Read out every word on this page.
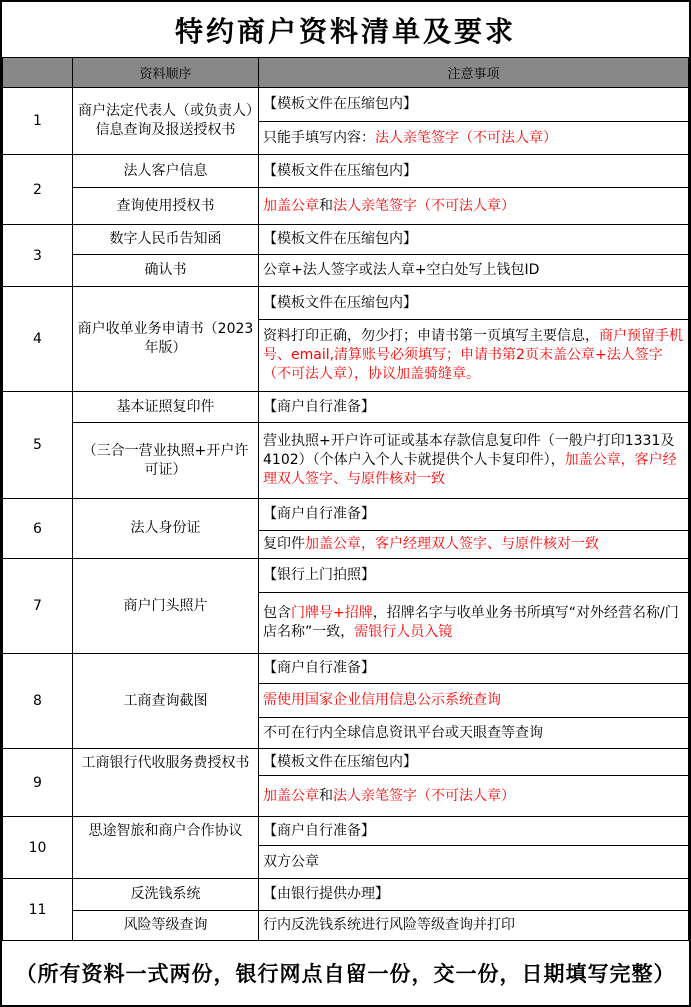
特约商户资料清单及要求
	资料顺序	注意事项
1	商户法定代表人（或负责人）信息查询及报送授权书	【模板文件在压缩包内】
		只能手填写内容：法人亲笔签字（不可法人章）
2	法人客户信息	【模板文件在压缩包内】
	查询使用授权书	加盖公章和法人亲笔签字（不可法人章）
3	数字人民币告知函	【模板文件在压缩包内】
	确认书	公章+法人签字或法人章+空白处写上钱包ID
4	商户收单业务申请书（2023年版）	【模板文件在压缩包内】
		资料打印正确，勿少打；申请书第一页填写主要信息，商户预留手机号、email,清算账号必须填写；申请书第2页末盖公章+法人签字（不可法人章），协议加盖骑缝章。
5	基本证照复印件	【商户自行准备】
	（三合一营业执照+开户许可证）	营业执照+开户许可证或基本存款信息复印件（一般户打印1331及4102）（个体户入个人卡就提供个人卡复印件），加盖公章，客户经理双人签字、与原件核对一致
6	法人身份证	【商户自行准备】
		复印件加盖公章，客户经理双人签字、与原件核对一致
7	商户门头照片	【银行上门拍照】
		包含门牌号+招牌，招牌名字与收单业务书所填写“对外经营名称/门店名称”一致，需银行人员入镜
8	工商查询截图	【商户自行准备】
		需使用国家企业信用信息公示系统查询
		不可在行内全球信息资讯平台或天眼查等查询
9	工商银行代收服务费授权书	【模板文件在压缩包内】
		加盖公章和法人亲笔签字（不可法人章）
10	思途智旅和商户合作协议	【商户自行准备】
		双方公章
11	反洗钱系统	【由银行提供办理】
	风险等级查询	行内反洗钱系统进行风险等级查询并打印
（所有资料一式两份，银行网点自留一份，交一份，日期填写完整）
